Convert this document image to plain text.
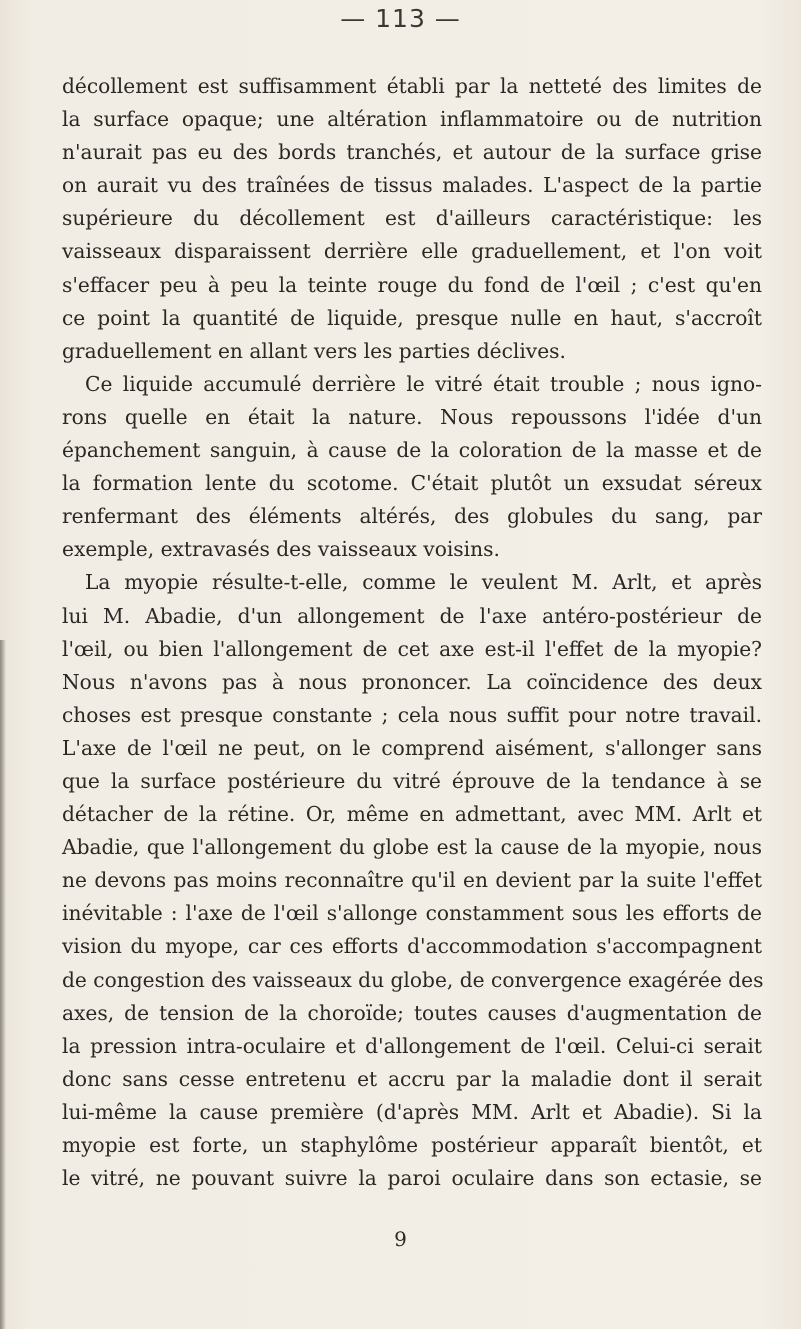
— 113 —
décollement est suffisamment établi par la netteté des limites de
la surface opaque; une altération inflammatoire ou de nutrition
n'aurait pas eu des bords tranchés, et autour de la surface grise
on aurait vu des traînées de tissus malades. L'aspect de la partie
supérieure du décollement est d'ailleurs caractéristique: les
vaisseaux disparaissent derrière elle graduellement, et l'on voit
s'effacer peu à peu la teinte rouge du fond de l'œil ; c'est qu'en
ce point la quantité de liquide, presque nulle en haut, s'accroît
graduellement en allant vers les parties déclives.
Ce liquide accumulé derrière le vitré était trouble ; nous igno-
rons quelle en était la nature. Nous repoussons l'idée d'un
épanchement sanguin, à cause de la coloration de la masse et de
la formation lente du scotome. C'était plutôt un exsudat séreux
renfermant des éléments altérés, des globules du sang, par
exemple, extravasés des vaisseaux voisins.
La myopie résulte-t-elle, comme le veulent M. Arlt, et après
lui M. Abadie, d'un allongement de l'axe antéro-postérieur de
l'œil, ou bien l'allongement de cet axe est-il l'effet de la myopie?
Nous n'avons pas à nous prononcer. La coïncidence des deux
choses est presque constante ; cela nous suffit pour notre travail.
L'axe de l'œil ne peut, on le comprend aisément, s'allonger sans
que la surface postérieure du vitré éprouve de la tendance à se
détacher de la rétine. Or, même en admettant, avec MM. Arlt et
Abadie, que l'allongement du globe est la cause de la myopie, nous
ne devons pas moins reconnaître qu'il en devient par la suite l'effet
inévitable : l'axe de l'œil s'allonge constamment sous les efforts de
vision du myope, car ces efforts d'accommodation s'accompagnent
de congestion des vaisseaux du globe, de convergence exagérée des
axes, de tension de la choroïde; toutes causes d'augmentation de
la pression intra-oculaire et d'allongement de l'œil. Celui-ci serait
donc sans cesse entretenu et accru par la maladie dont il serait
lui-même la cause première (d'après MM. Arlt et Abadie). Si la
myopie est forte, un staphylôme postérieur apparaît bientôt, et
le vitré, ne pouvant suivre la paroi oculaire dans son ectasie, se
9
